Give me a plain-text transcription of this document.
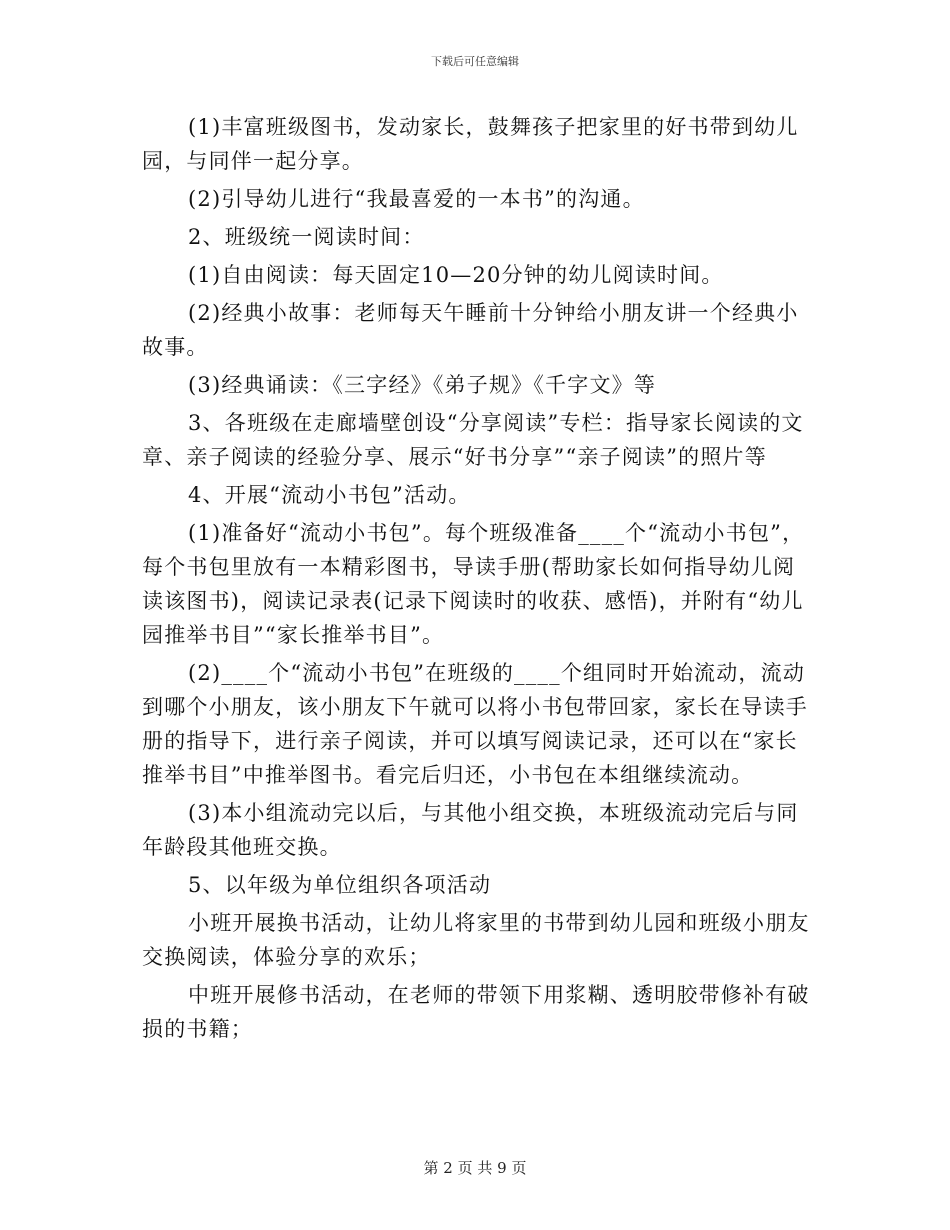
下载后可任意编辑

(1)丰富班级图书，发动家长，鼓舞孩子把家里的好书带到幼儿园，与同伴一起分享。

(2)引导幼儿进行“我最喜爱的一本书”的沟通。

2、班级统一阅读时间：

(1)自由阅读：每天固定10—20分钟的幼儿阅读时间。

(2)经典小故事：老师每天午睡前十分钟给小朋友讲一个经典小故事。

(3)经典诵读：《三字经》《弟子规》《千字文》等

3、各班级在走廊墙壁创设“分享阅读”专栏：指导家长阅读的文章、亲子阅读的经验分享、展示“好书分享”“亲子阅读”的照片等

4、开展“流动小书包”活动。

(1)准备好“流动小书包”。每个班级准备____个“流动小书包”，每个书包里放有一本精彩图书，导读手册(帮助家长如何指导幼儿阅读该图书)，阅读记录表(记录下阅读时的收获、感悟)，并附有“幼儿园推举书目”“家长推举书目”。

(2)____个“流动小书包”在班级的____个组同时开始流动，流动到哪个小朋友，该小朋友下午就可以将小书包带回家，家长在导读手册的指导下，进行亲子阅读，并可以填写阅读记录，还可以在“家长推举书目”中推举图书。看完后归还，小书包在本组继续流动。

(3)本小组流动完以后，与其他小组交换，本班级流动完后与同年龄段其他班交换。

5、以年级为单位组织各项活动

小班开展换书活动，让幼儿将家里的书带到幼儿园和班级小朋友交换阅读，体验分享的欢乐；

中班开展修书活动，在老师的带领下用浆糊、透明胶带修补有破损的书籍；

第 2 页 共 9 页
